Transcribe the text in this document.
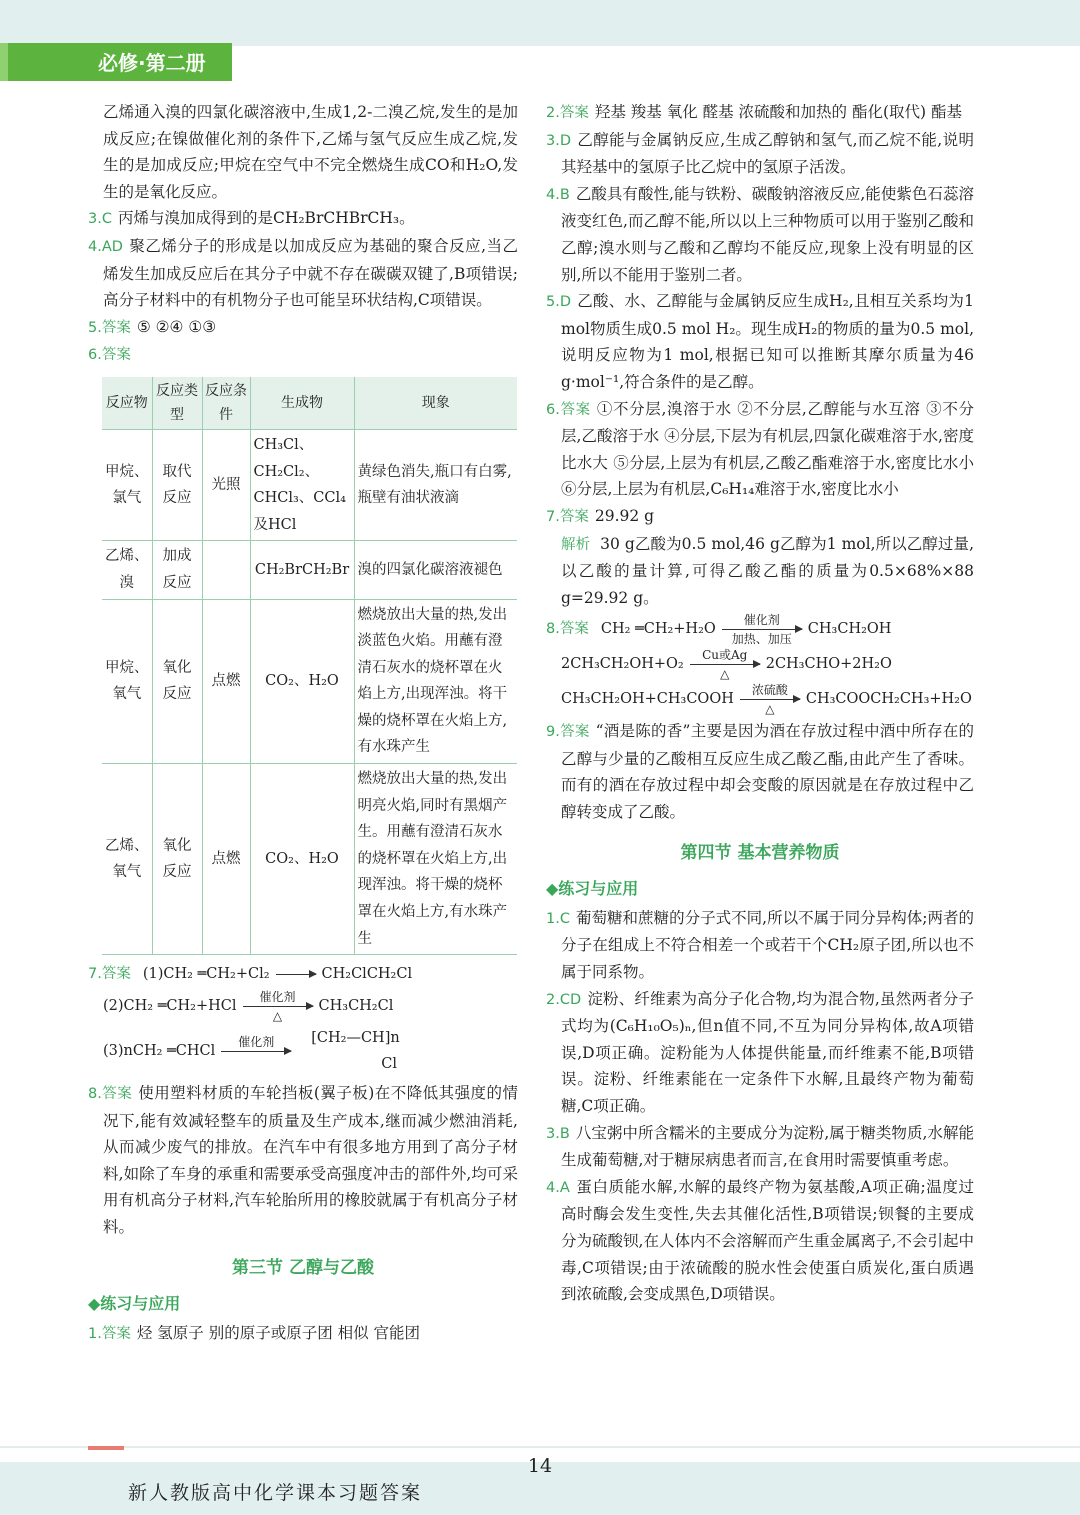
必修·第二册
乙烯通入溴的四氯化碳溶液中,生成1,2-二溴乙烷,发生的是加成反应;在镍做催化剂的条件下,乙烯与氢气反应生成乙烷,发生的是加成反应;甲烷在空气中不完全燃烧生成CO和H₂O,发生的是氧化反应。
3.C 丙烯与溴加成得到的是CH₂BrCHBrCH₃。
4.AD 聚乙烯分子的形成是以加成反应为基础的聚合反应,当乙烯发生加成反应后在其分子中就不存在碳碳双键了,B项错误;高分子材料中的有机物分子也可能呈环状结构,C项错误。
5.答案 ⑤ ②④ ①③
6.答案
反应物	反应类型	反应条件	生成物	现象
甲烷、氯气	取代反应	光照	CH₃Cl、CH₂Cl₂、CHCl₃、CCl₄及HCl	黄绿色消失,瓶口有白雾,瓶壁有油状液滴
乙烯、溴	加成反应		CH₂BrCH₂Br	溴的四氯化碳溶液褪色
甲烷、氧气	氧化反应	点燃	CO₂、H₂O	燃烧放出大量的热,发出淡蓝色火焰。用蘸有澄清石灰水的烧杯罩在火焰上方,出现浑浊。将干燥的烧杯罩在火焰上方,有水珠产生
乙烯、氧气	氧化反应	点燃	CO₂、H₂O	燃烧放出大量的热,发出明亮火焰,同时有黑烟产生。用蘸有澄清石灰水的烧杯罩在火焰上方,出现浑浊。将干燥的烧杯罩在火焰上方,有水珠产生
7.答案 (1)CH₂ ═CH₂+Cl₂ → CH₂ClCH₂Cl
(2)CH₂ ═CH₂+HCl
催化剂
△
CH₃CH₂Cl
(3)nCH₂ ═CHCl
催化剂
	[CH₂—CH]n
Cl
8.答案 使用塑料材质的车轮挡板(翼子板)在不降低其强度的情况下,能有效减轻整车的质量及生产成本,继而减少燃油消耗,从而减少废气的排放。在汽车中有很多地方用到了高分子材料,如除了车身的承重和需要承受高强度冲击的部件外,均可采用有机高分子材料,汽车轮胎所用的橡胶就属于有机高分子材料。
第三节 乙醇与乙酸
◆练习与应用
1.答案 烃 氢原子 别的原子或原子团 相似 官能团
2.答案 羟基 羧基 氧化 醛基 浓硫酸和加热的 酯化(取代) 酯基
3.D 乙醇能与金属钠反应,生成乙醇钠和氢气,而乙烷不能,说明其羟基中的氢原子比乙烷中的氢原子活泼。
4.B 乙酸具有酸性,能与铁粉、碳酸钠溶液反应,能使紫色石蕊溶液变红色,而乙醇不能,所以以上三种物质可以用于鉴别乙酸和乙醇;溴水则与乙酸和乙醇均不能反应,现象上没有明显的区别,所以不能用于鉴别二者。
5.D 乙酸、水、乙醇能与金属钠反应生成H₂,且相互关系均为1 mol物质生成0.5 mol H₂。现生成H₂的物质的量为0.5 mol,说明反应物为1 mol,根据已知可以推断其摩尔质量为46 g·mol⁻¹,符合条件的是乙醇。
6.答案 ①不分层,溴溶于水 ②不分层,乙醇能与水互溶 ③不分层,乙酸溶于水 ④分层,下层为有机层,四氯化碳难溶于水,密度比水大 ⑤分层,上层为有机层,乙酸乙酯难溶于水,密度比水小 ⑥分层,上层为有机层,C₆H₁₄难溶于水,密度比水小
7.答案 29.92 g
解析 30 g乙酸为0.5 mol,46 g乙醇为1 mol,所以乙醇过量,以乙酸的量计算,可得乙酸乙酯的质量为0.5×68%×88 g=29.92 g。
8.答案 CH₂ ═CH₂+H₂O
催化剂
加热、加压
CH₃CH₂OH
2CH₃CH₂OH+O₂
Cu或Ag
△
2CH₃CHO+2H₂O
CH₃CH₂OH+CH₃COOH
浓硫酸
△
CH₃COOCH₂CH₃+H₂O
9.答案 “酒是陈的香”主要是因为酒在存放过程中酒中所存在的乙醇与少量的乙酸相互反应生成乙酸乙酯,由此产生了香味。而有的酒在存放过程中却会变酸的原因就是在存放过程中乙醇转变成了乙酸。
第四节 基本营养物质
◆练习与应用
1.C 葡萄糖和蔗糖的分子式不同,所以不属于同分异构体;两者的分子在组成上不符合相差一个或若干个CH₂原子团,所以也不属于同系物。
2.CD 淀粉、纤维素为高分子化合物,均为混合物,虽然两者分子式均为(C₆H₁₀O₅)ₙ,但n值不同,不互为同分异构体,故A项错误,D项正确。淀粉能为人体提供能量,而纤维素不能,B项错误。淀粉、纤维素能在一定条件下水解,且最终产物为葡萄糖,C项正确。
3.B 八宝粥中所含糯米的主要成分为淀粉,属于糖类物质,水解能生成葡萄糖,对于糖尿病患者而言,在食用时需要慎重考虑。
4.A 蛋白质能水解,水解的最终产物为氨基酸,A项正确;温度过高时酶会发生变性,失去其催化活性,B项错误;钡餐的主要成分为硫酸钡,在人体内不会溶解而产生重金属离子,不会引起中毒,C项错误;由于浓硫酸的脱水性会使蛋白质炭化,蛋白质遇到浓硫酸,会变成黑色,D项错误。
14
新人教版高中化学课本习题答案
